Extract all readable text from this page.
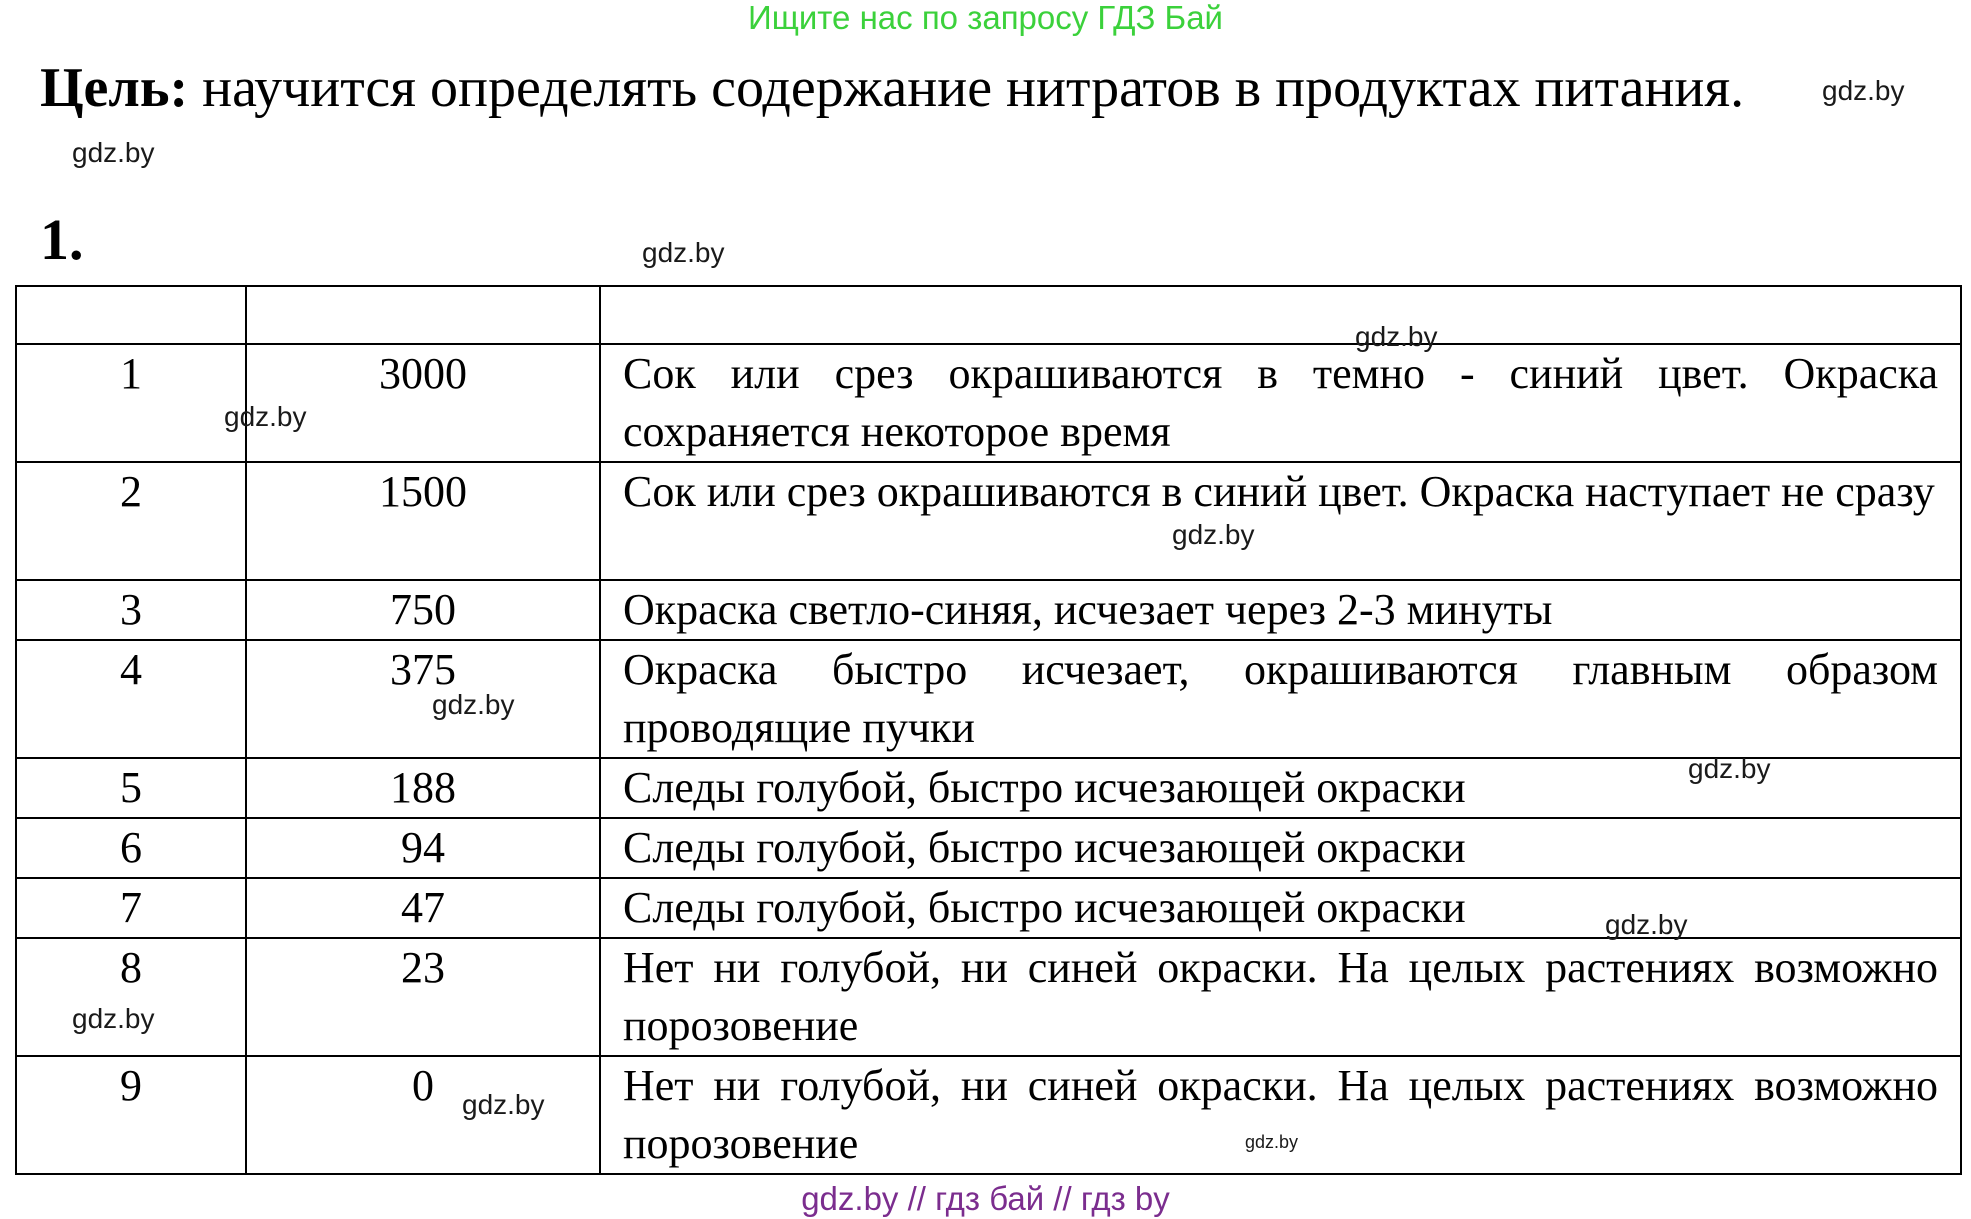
Ищите нас по запросу ГДЗ Бай
Цель: научится определять содержание нитратов в продуктах питания.
1.

1	3000	Сок или срез окрашиваются в темно - синий цвет. Окраска сохраняется некоторое время
2	1500	Сок или срез окрашиваются в синий цвет. Окраска наступает не сразу
3	750	Окраска светло-синяя, исчезает через 2-3 минуты
4	375	Окраска быстро исчезает, окрашиваются главным образом проводящие пучки
5	188	Следы голубой, быстро исчезающей окраски
6	94	Следы голубой, быстро исчезающей окраски
7	47	Следы голубой, быстро исчезающей окраски
8	23	Нет ни голубой, ни синей окраски. На целых растениях возможно порозовение
9	0	Нет ни голубой, ни синей окраски. На целых растениях возможно порозовение
gdz.by
gdz.by
gdz.by
gdz.by
gdz.by
gdz.by
gdz.by
gdz.by
gdz.by
gdz.by
gdz.by
gdz.by
gdz.by // гдз бай // гдз by
